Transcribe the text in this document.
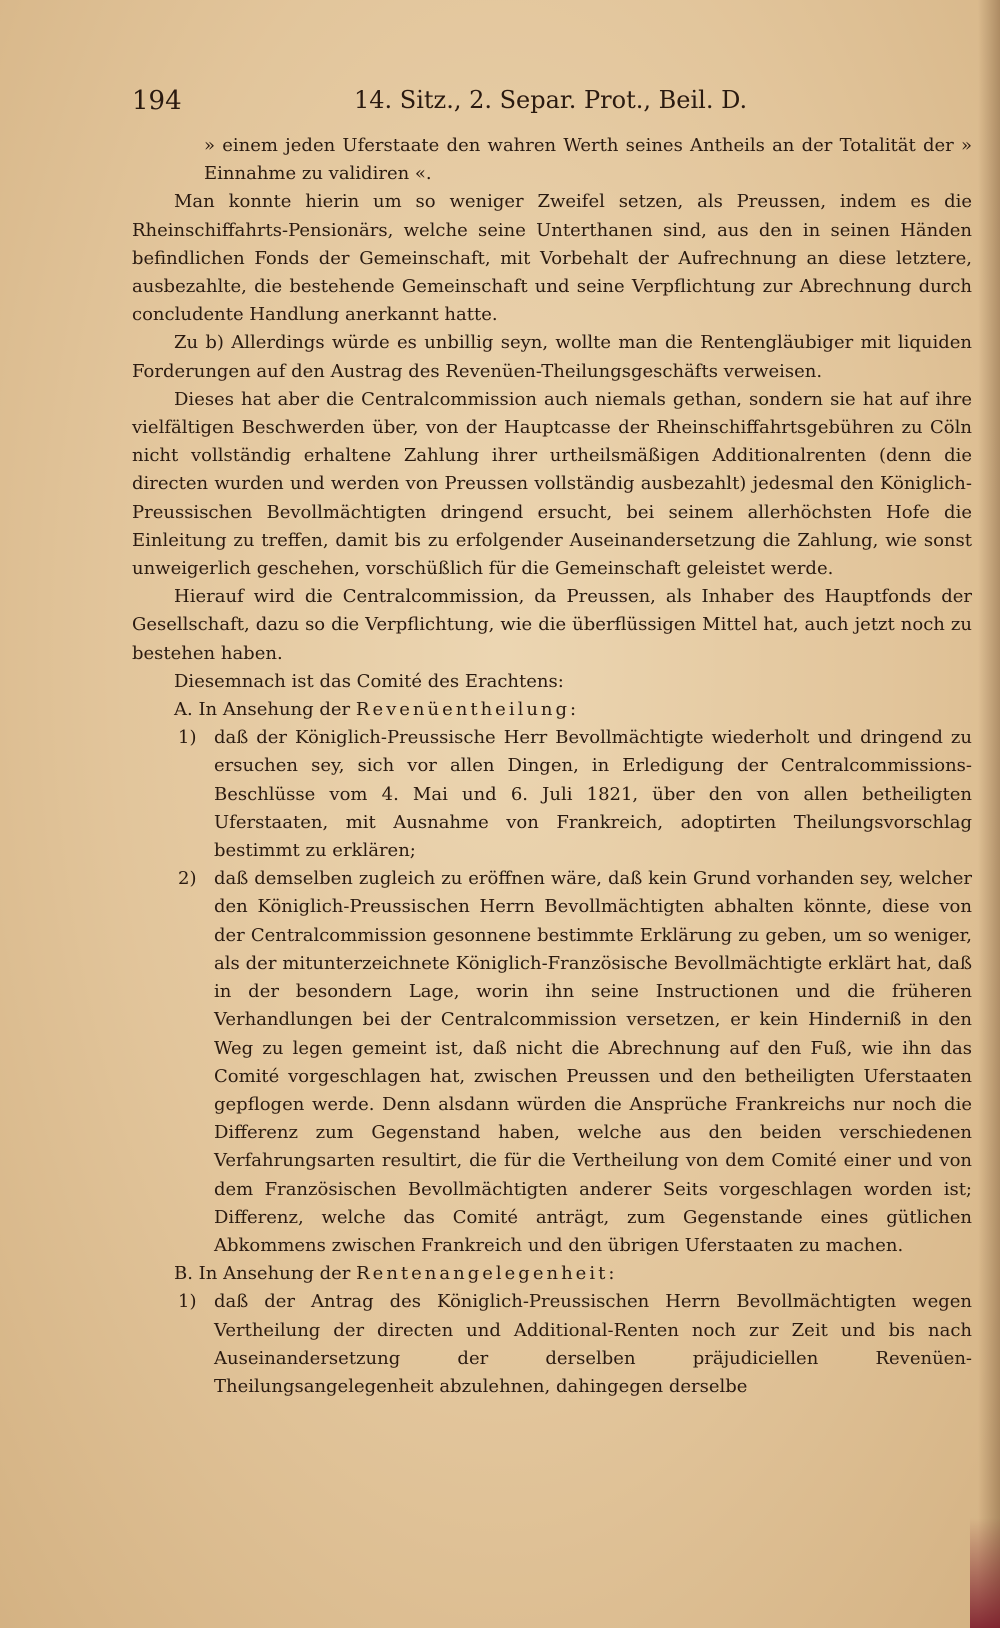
194	14. Sitz., 2. Separ. Prot., Beil. D.

» einem jeden Uferstaate den wahren Werth seines Antheils an der Totalität der » Einnahme zu validiren «.

Man konnte hierin um so weniger Zweifel setzen, als Preussen, indem es die Rheinschiffahrts-Pensionärs, welche seine Unterthanen sind, aus den in seinen Händen befindlichen Fonds der Gemeinschaft, mit Vorbehalt der Aufrechnung an diese letztere, ausbezahlte, die bestehende Gemeinschaft und seine Verpflichtung zur Abrechnung durch concludente Handlung anerkannt hatte.

Zu b) Allerdings würde es unbillig seyn, wollte man die Rentengläubiger mit liquiden Forderungen auf den Austrag des Revenüen-Theilungsgeschäfts verweisen.

Dieses hat aber die Centralcommission auch niemals gethan, sondern sie hat auf ihre vielfältigen Beschwerden über, von der Hauptcasse der Rheinschiffahrtsgebühren zu Cöln nicht vollständig erhaltene Zahlung ihrer urtheilsmäßigen Additionalrenten (denn die directen wurden und werden von Preussen vollständig ausbezahlt) jedesmal den Königlich-Preussischen Bevollmächtigten dringend ersucht, bei seinem allerhöchsten Hofe die Einleitung zu treffen, damit bis zu erfolgender Auseinandersetzung die Zahlung, wie sonst unweigerlich geschehen, vorschüßlich für die Gemeinschaft geleistet werde.

Hierauf wird die Centralcommission, da Preussen, als Inhaber des Hauptfonds der Gesellschaft, dazu so die Verpflichtung, wie die überflüssigen Mittel hat, auch jetzt noch zu bestehen haben.

Diesemnach ist das Comité des Erachtens:

A. In Ansehung der Revenüentheilung:

1) daß der Königlich-Preussische Herr Bevollmächtigte wiederholt und dringend zu ersuchen sey, sich vor allen Dingen, in Erledigung der Centralcommissions-Beschlüsse vom 4. Mai und 6. Juli 1821, über den von allen betheiligten Uferstaaten, mit Ausnahme von Frankreich, adoptirten Theilungsvorschlag bestimmt zu erklären;

2) daß demselben zugleich zu eröffnen wäre, daß kein Grund vorhanden sey, welcher den Königlich-Preussischen Herrn Bevollmächtigten abhalten könnte, diese von der Centralcommission gesonnene bestimmte Erklärung zu geben, um so weniger, als der mitunterzeichnete Königlich-Französische Bevollmächtigte erklärt hat, daß in der besondern Lage, worin ihn seine Instructionen und die früheren Verhandlungen bei der Centralcommission versetzen, er kein Hinderniß in den Weg zu legen gemeint ist, daß nicht die Abrechnung auf den Fuß, wie ihn das Comité vorgeschlagen hat, zwischen Preussen und den betheiligten Uferstaaten gepflogen werde. Denn alsdann würden die Ansprüche Frankreichs nur noch die Differenz zum Gegenstand haben, welche aus den beiden verschiedenen Verfahrungsarten resultirt, die für die Vertheilung von dem Comité einer und von dem Französischen Bevollmächtigten anderer Seits vorgeschlagen worden ist; Differenz, welche das Comité anträgt, zum Gegenstande eines gütlichen Abkommens zwischen Frankreich und den übrigen Uferstaaten zu machen.

B. In Ansehung der Rentenangelegenheit:

1) daß der Antrag des Königlich-Preussischen Herrn Bevollmächtigten wegen Vertheilung der directen und Additional-Renten noch zur Zeit und bis nach Auseinandersetzung der derselben präjudiciellen Revenüen-Theilungsangelegenheit abzulehnen, dahingegen derselbe
